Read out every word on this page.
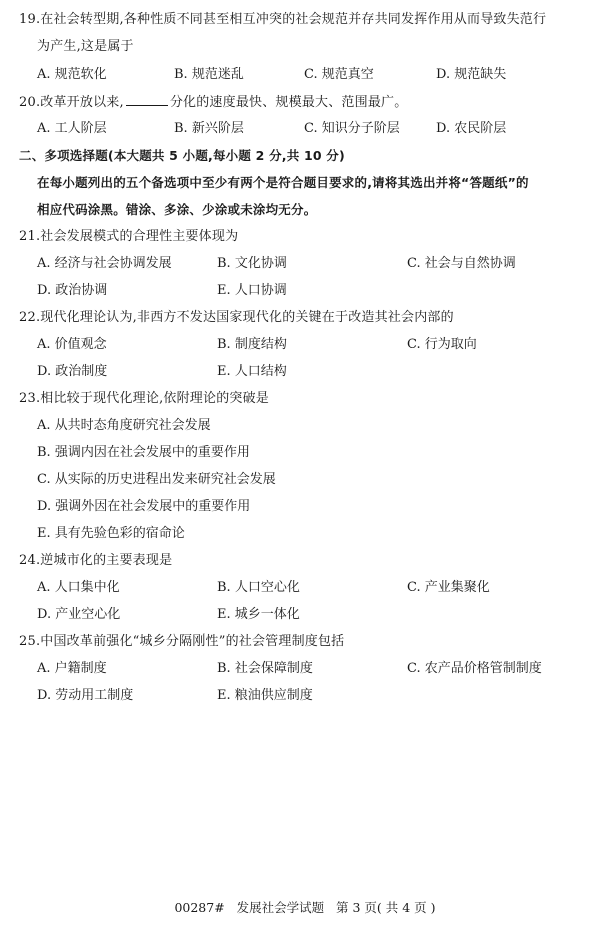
19.在社会转型期,各种性质不同甚至相互冲突的社会规范并存共同发挥作用从而导致失范行
为产生,这是属于
A. 规范软化	B. 规范迷乱	C. 规范真空	D. 规范缺失
20.改革开放以来,	分化的速度最快、规模最大、范围最广。
A. 工人阶层	B. 新兴阶层	C. 知识分子阶层	D. 农民阶层
二、多项选择题(本大题共 5 小题,每小题 2 分,共 10 分)
在每小题列出的五个备选项中至少有两个是符合题目要求的,请将其选出并将“答题纸”的
相应代码涂黑。错涂、多涂、少涂或未涂均无分。
21.社会发展模式的合理性主要体现为
A. 经济与社会协调发展	B. 文化协调	C. 社会与自然协调
D. 政治协调	E. 人口协调
22.现代化理论认为,非西方不发达国家现代化的关键在于改造其社会内部的
A. 价值观念	B. 制度结构	C. 行为取向
D. 政治制度	E. 人口结构
23.相比较于现代化理论,依附理论的突破是
A. 从共时态角度研究社会发展
B. 强调内因在社会发展中的重要作用
C. 从实际的历史进程出发来研究社会发展
D. 强调外因在社会发展中的重要作用
E. 具有先验色彩的宿命论
24.逆城市化的主要表现是
A. 人口集中化	B. 人口空心化	C. 产业集聚化
D. 产业空心化	E. 城乡一体化
25.中国改革前强化“城乡分隔刚性”的社会管理制度包括
A. 户籍制度	B. 社会保障制度	C. 农产品价格管制制度
D. 劳动用工制度	E. 粮油供应制度
00287#   发展社会学试题   第 3 页( 共 4 页 )
